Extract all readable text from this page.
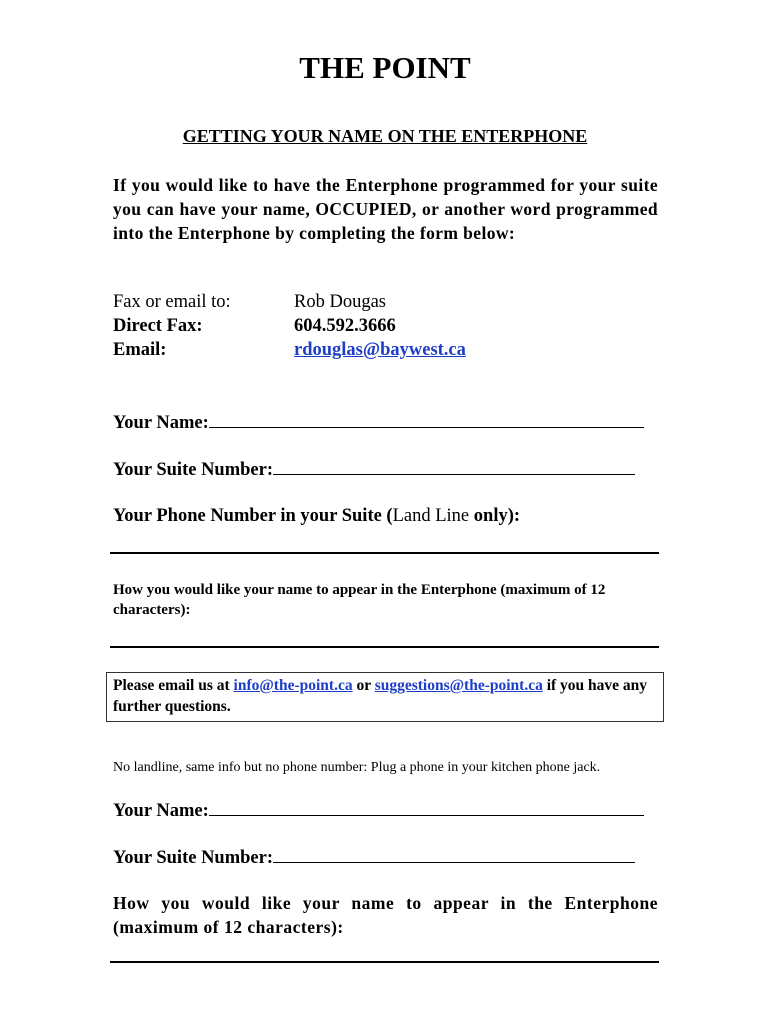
THE POINT
GETTING YOUR NAME ON THE ENTERPHONE
If you would like to have the Enterphone programmed for your suite you can have your name, OCCUPIED, or another word programmed into the Enterphone by completing the form below:
Fax or email to:	Rob Dougas
Direct Fax:	604.592.3666
Email:	rdouglas@baywest.ca
Your Name:
Your Suite Number:
Your Phone Number in your Suite (Land Line only):
How you would like your name to appear in the Enterphone (maximum of 12 characters):
Please email us at info@the-point.ca or suggestions@the-point.ca if you have any further questions.
No landline, same info but no phone number: Plug a phone in your kitchen phone jack.
Your Name:
Your Suite Number:
How you would like your name to appear in the Enterphone (maximum of 12 characters):
